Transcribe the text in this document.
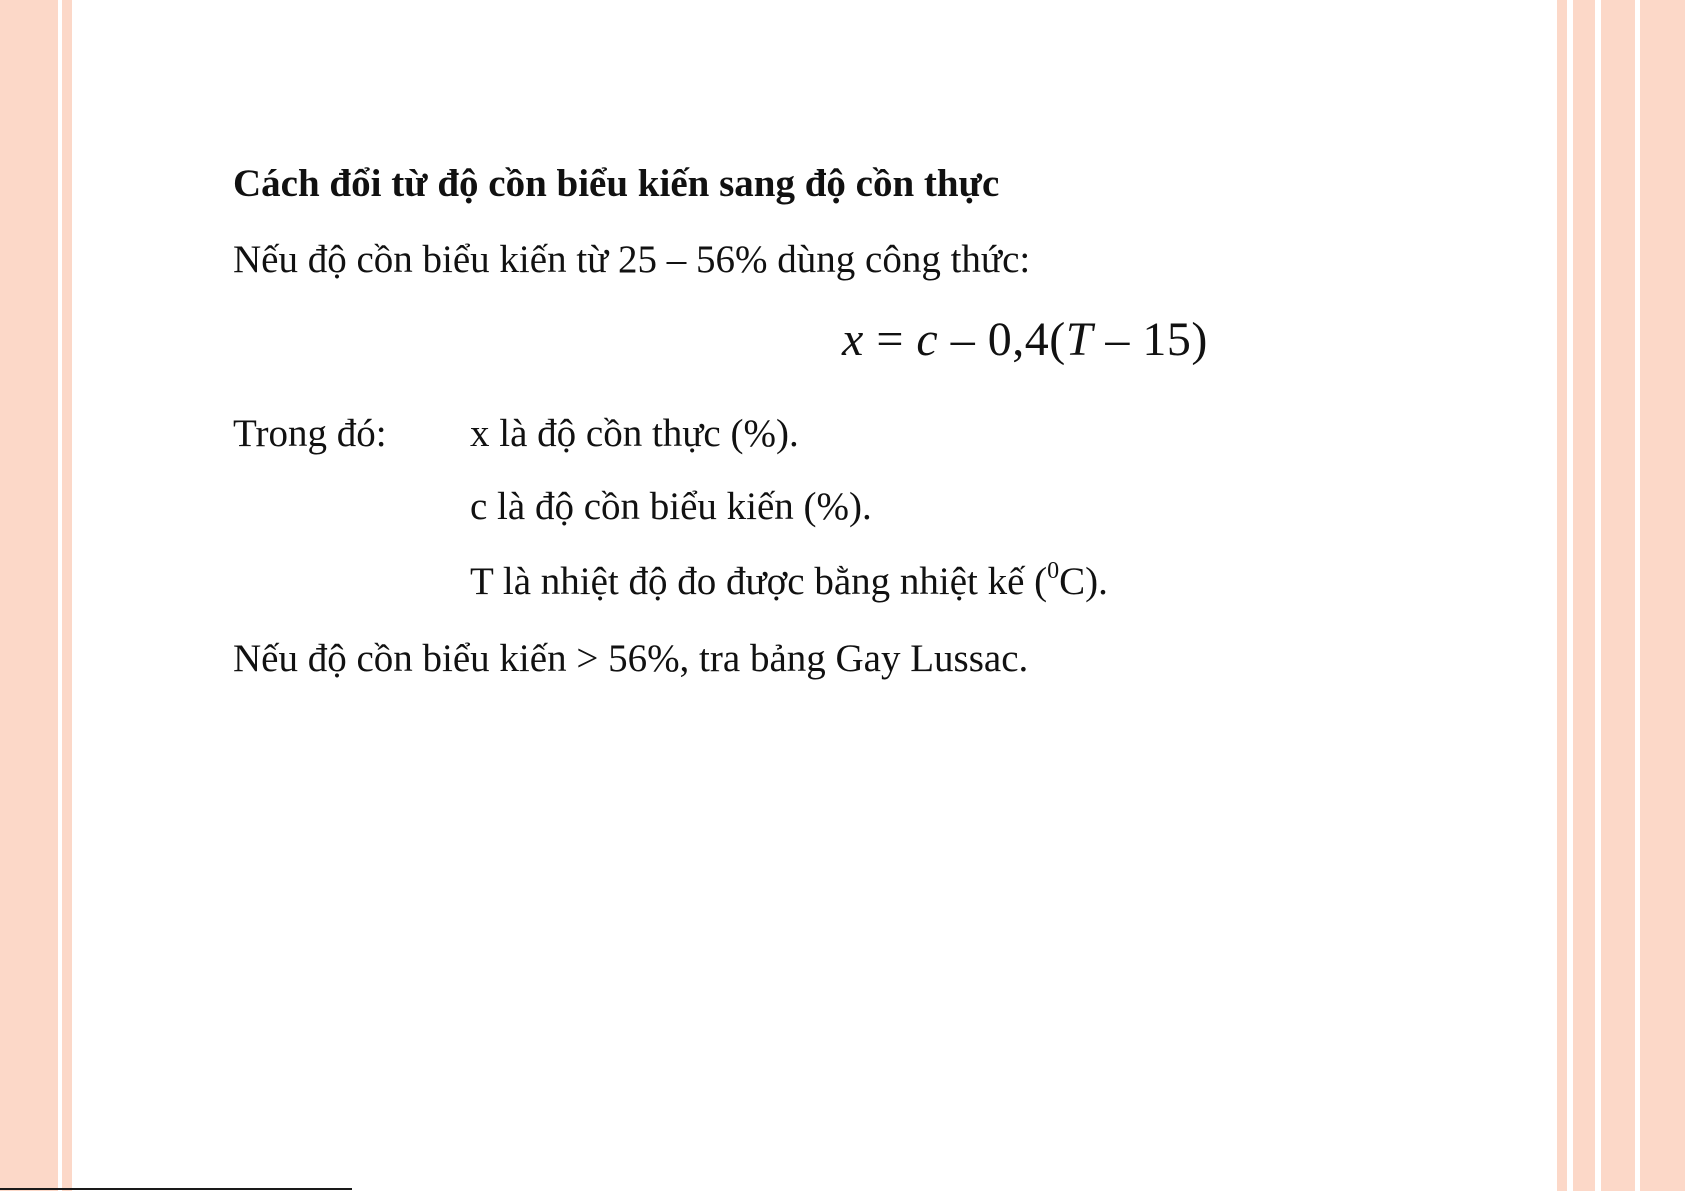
Cách đổi từ độ cồn biểu kiến sang độ cồn thực
Nếu độ cồn biểu kiến từ 25 – 56% dùng công thức:
x = c – 0,4(T – 15)
Trong đó: x là độ cồn thực (%).
c là độ cồn biểu kiến (%).
T là nhiệt độ đo được bằng nhiệt kế ($^0$C).
Nếu độ cồn biểu kiến > 56%, tra bảng Gay Lussac.
